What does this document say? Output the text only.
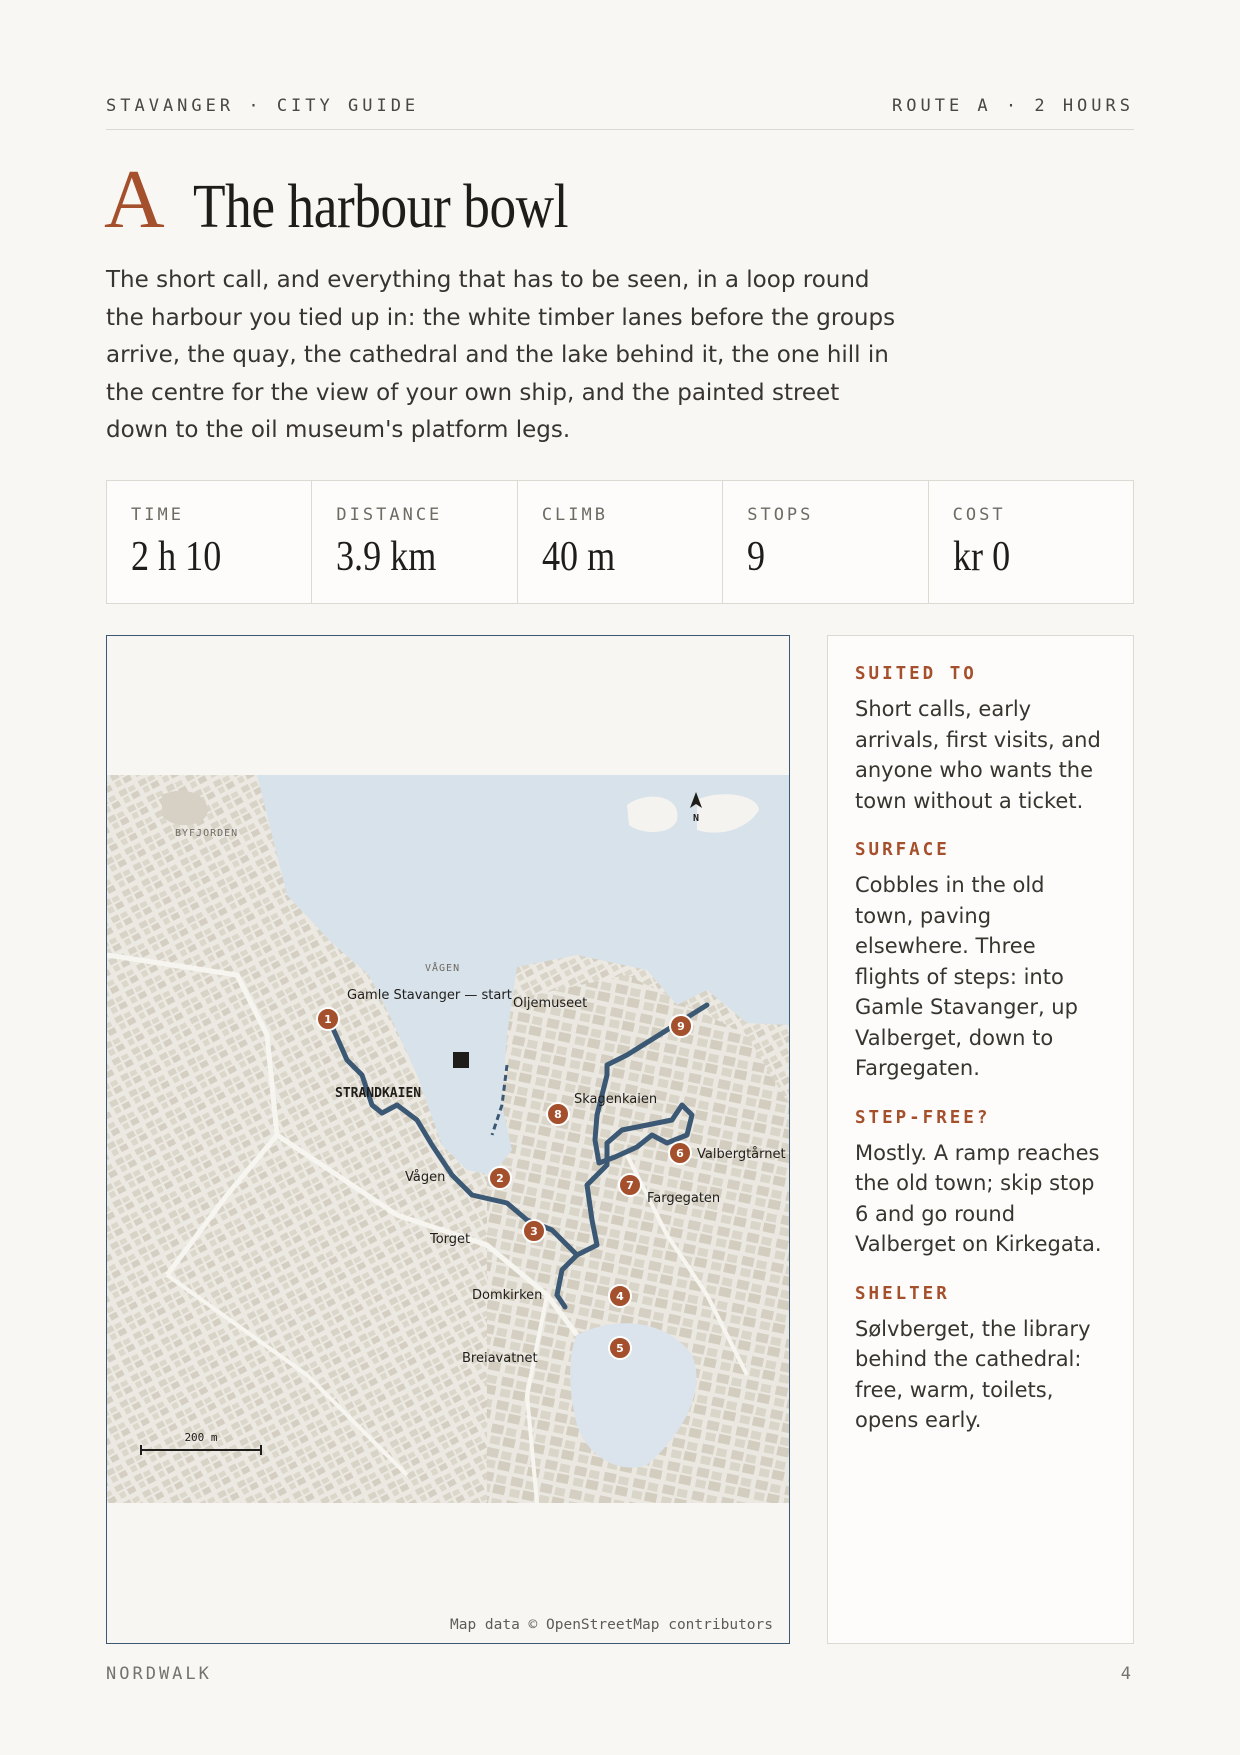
STAVANGER · CITY GUIDE	ROUTE A · 2 HOURS
A The harbour bowl

The short call, and everything that has to be seen, in a loop round the harbour you tied up in: the white timber lanes before the groups arrive, the quay, the cathedral and the lake behind it, the one hill in the centre for the view of your own ship, and the painted street down to the oil museum's platform legs.

TIME
2 h 10
DISTANCE
3.9 km
CLIMB
40 m
STOPS
9
COST
kr 0
N
200 m
BYFJORDEN
VÅGEN
Gamle Stavanger — start
Oljemuseet
STRANDKAIEN	Skagenkaien
Valbergtårnet
Vågen
Fargegaten
Torget
Domkirken
Breiavatnet
1
2
3
4
5
6
7
8
9
Map data © OpenStreetMap contributors
SUITED TO
Short calls, early arrivals, first visits, and anyone who wants the town without a ticket.
SURFACE
Cobbles in the old town, paving elsewhere. Three flights of steps: into Gamle Stavanger, up Valberget, down to Fargegaten.
STEP-FREE?
Mostly. A ramp reaches the old town; skip stop 6 and go round Valberget on Kirkegata.
SHELTER
Sølvberget, the library behind the cathedral: free, warm, toilets, opens early.
NORDWALK	4
